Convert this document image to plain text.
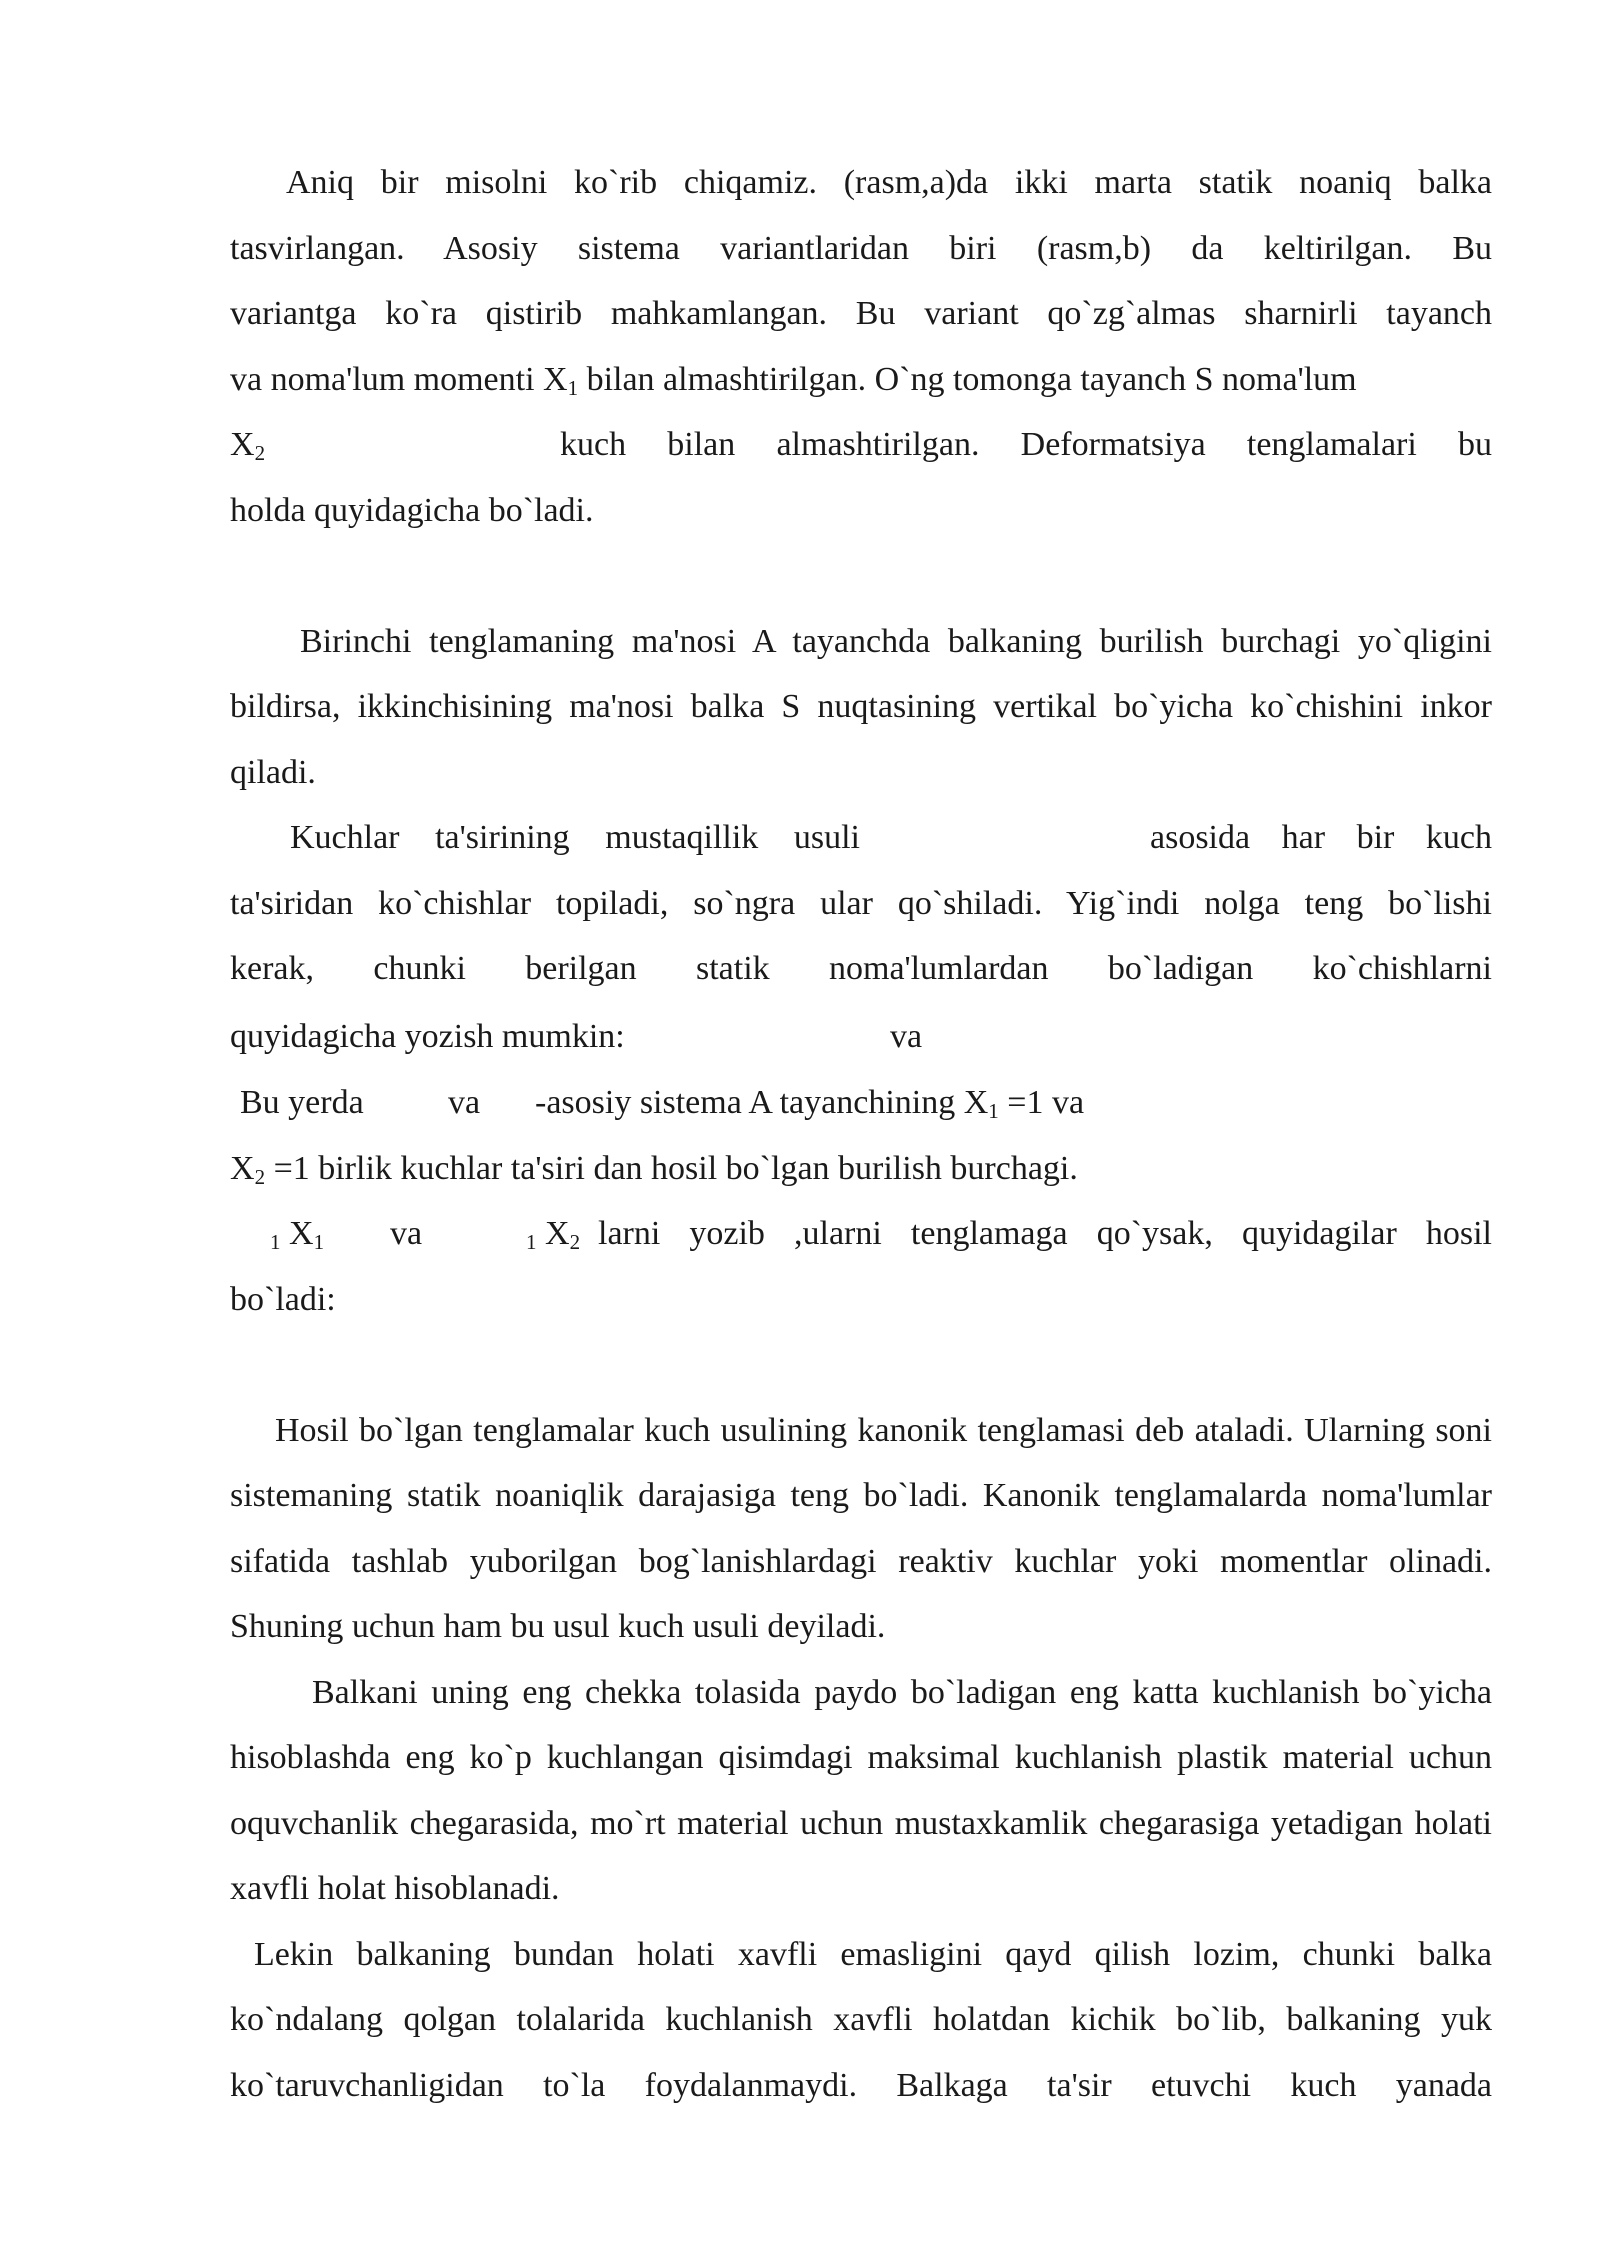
Aniq bir misolni ko`rib chiqamiz. (rasm,a)da ikki marta statik noaniq balka
tasvirlangan. Asosiy sistema variantlaridan biri (rasm,b) da keltirilgan. Bu
variantga ko`ra qistirib mahkamlangan. Bu variant qo`zg`almas sharnirli tayanch
va noma'lum momenti $X_1$ bilan almashtirilgan. O`ng tomonga tayanch S noma'lum
$X_2$	kuch bilan almashtirilgan. Deformatsiya tenglamalari bu
holda quyidagicha bo`ladi.

Birinchi tenglamaning ma'nosi A tayanchda balkaning burilish burchagi yo`qligini bildirsa, ikkinchisining ma'nosi balka S nuqtasining vertikal bo`yicha ko`chishini inkor qiladi.

Kuchlar ta'sirining mustaqillik usuli	asosida har bir kuch
ta'siridan ko`chishlar topiladi, so`ngra ular qo`shiladi. Yig`indi nolga teng bo`lishi
kerak, chunki berilgan statik noma'lumlardan bo`ladigan ko`chishlarni
quyidagicha yozish mumkin:	va
Bu yerda va -asosiy sistema A tayanchining $X_1 =1$ va
$X_2 =1$ birlik kuchlar ta'siri dan hosil bo`lgan burilish burchagi.
$_1$ $X_1$ va	$_1$ $X_2$ larni yozib ,ularni tenglamaga qo`ysak, quyidagilar hosil
bo`ladi:

Hosil bo`lgan tenglamalar kuch usulining kanonik tenglamasi deb ataladi. Ularning soni sistemaning statik noaniqlik darajasiga teng bo`ladi. Kanonik tenglamalarda noma'lumlar sifatida tashlab yuborilgan bog`lanishlardagi reaktiv kuchlar yoki momentlar olinadi. Shuning uchun ham bu usul kuch usuli deyiladi.

Balkani uning eng chekka tolasida paydo bo`ladigan eng katta kuchlanish bo`yicha hisoblashda eng ko`p kuchlangan qisimdagi maksimal kuchlanish plastik material uchun oquvchanlik chegarasida, mo`rt material uchun mustaxkamlik chegarasiga yetadigan holati xavfli holat hisoblanadi.

Lekin balkaning bundan holati xavfli emasligini qayd qilish lozim, chunki balka ko`ndalang qolgan tolalarida kuchlanish xavfli holatdan kichik bo`lib, balkaning yuk ko`taruvchanligidan to`la foydalanmaydi. Balkaga ta'sir etuvchi kuch yanada
